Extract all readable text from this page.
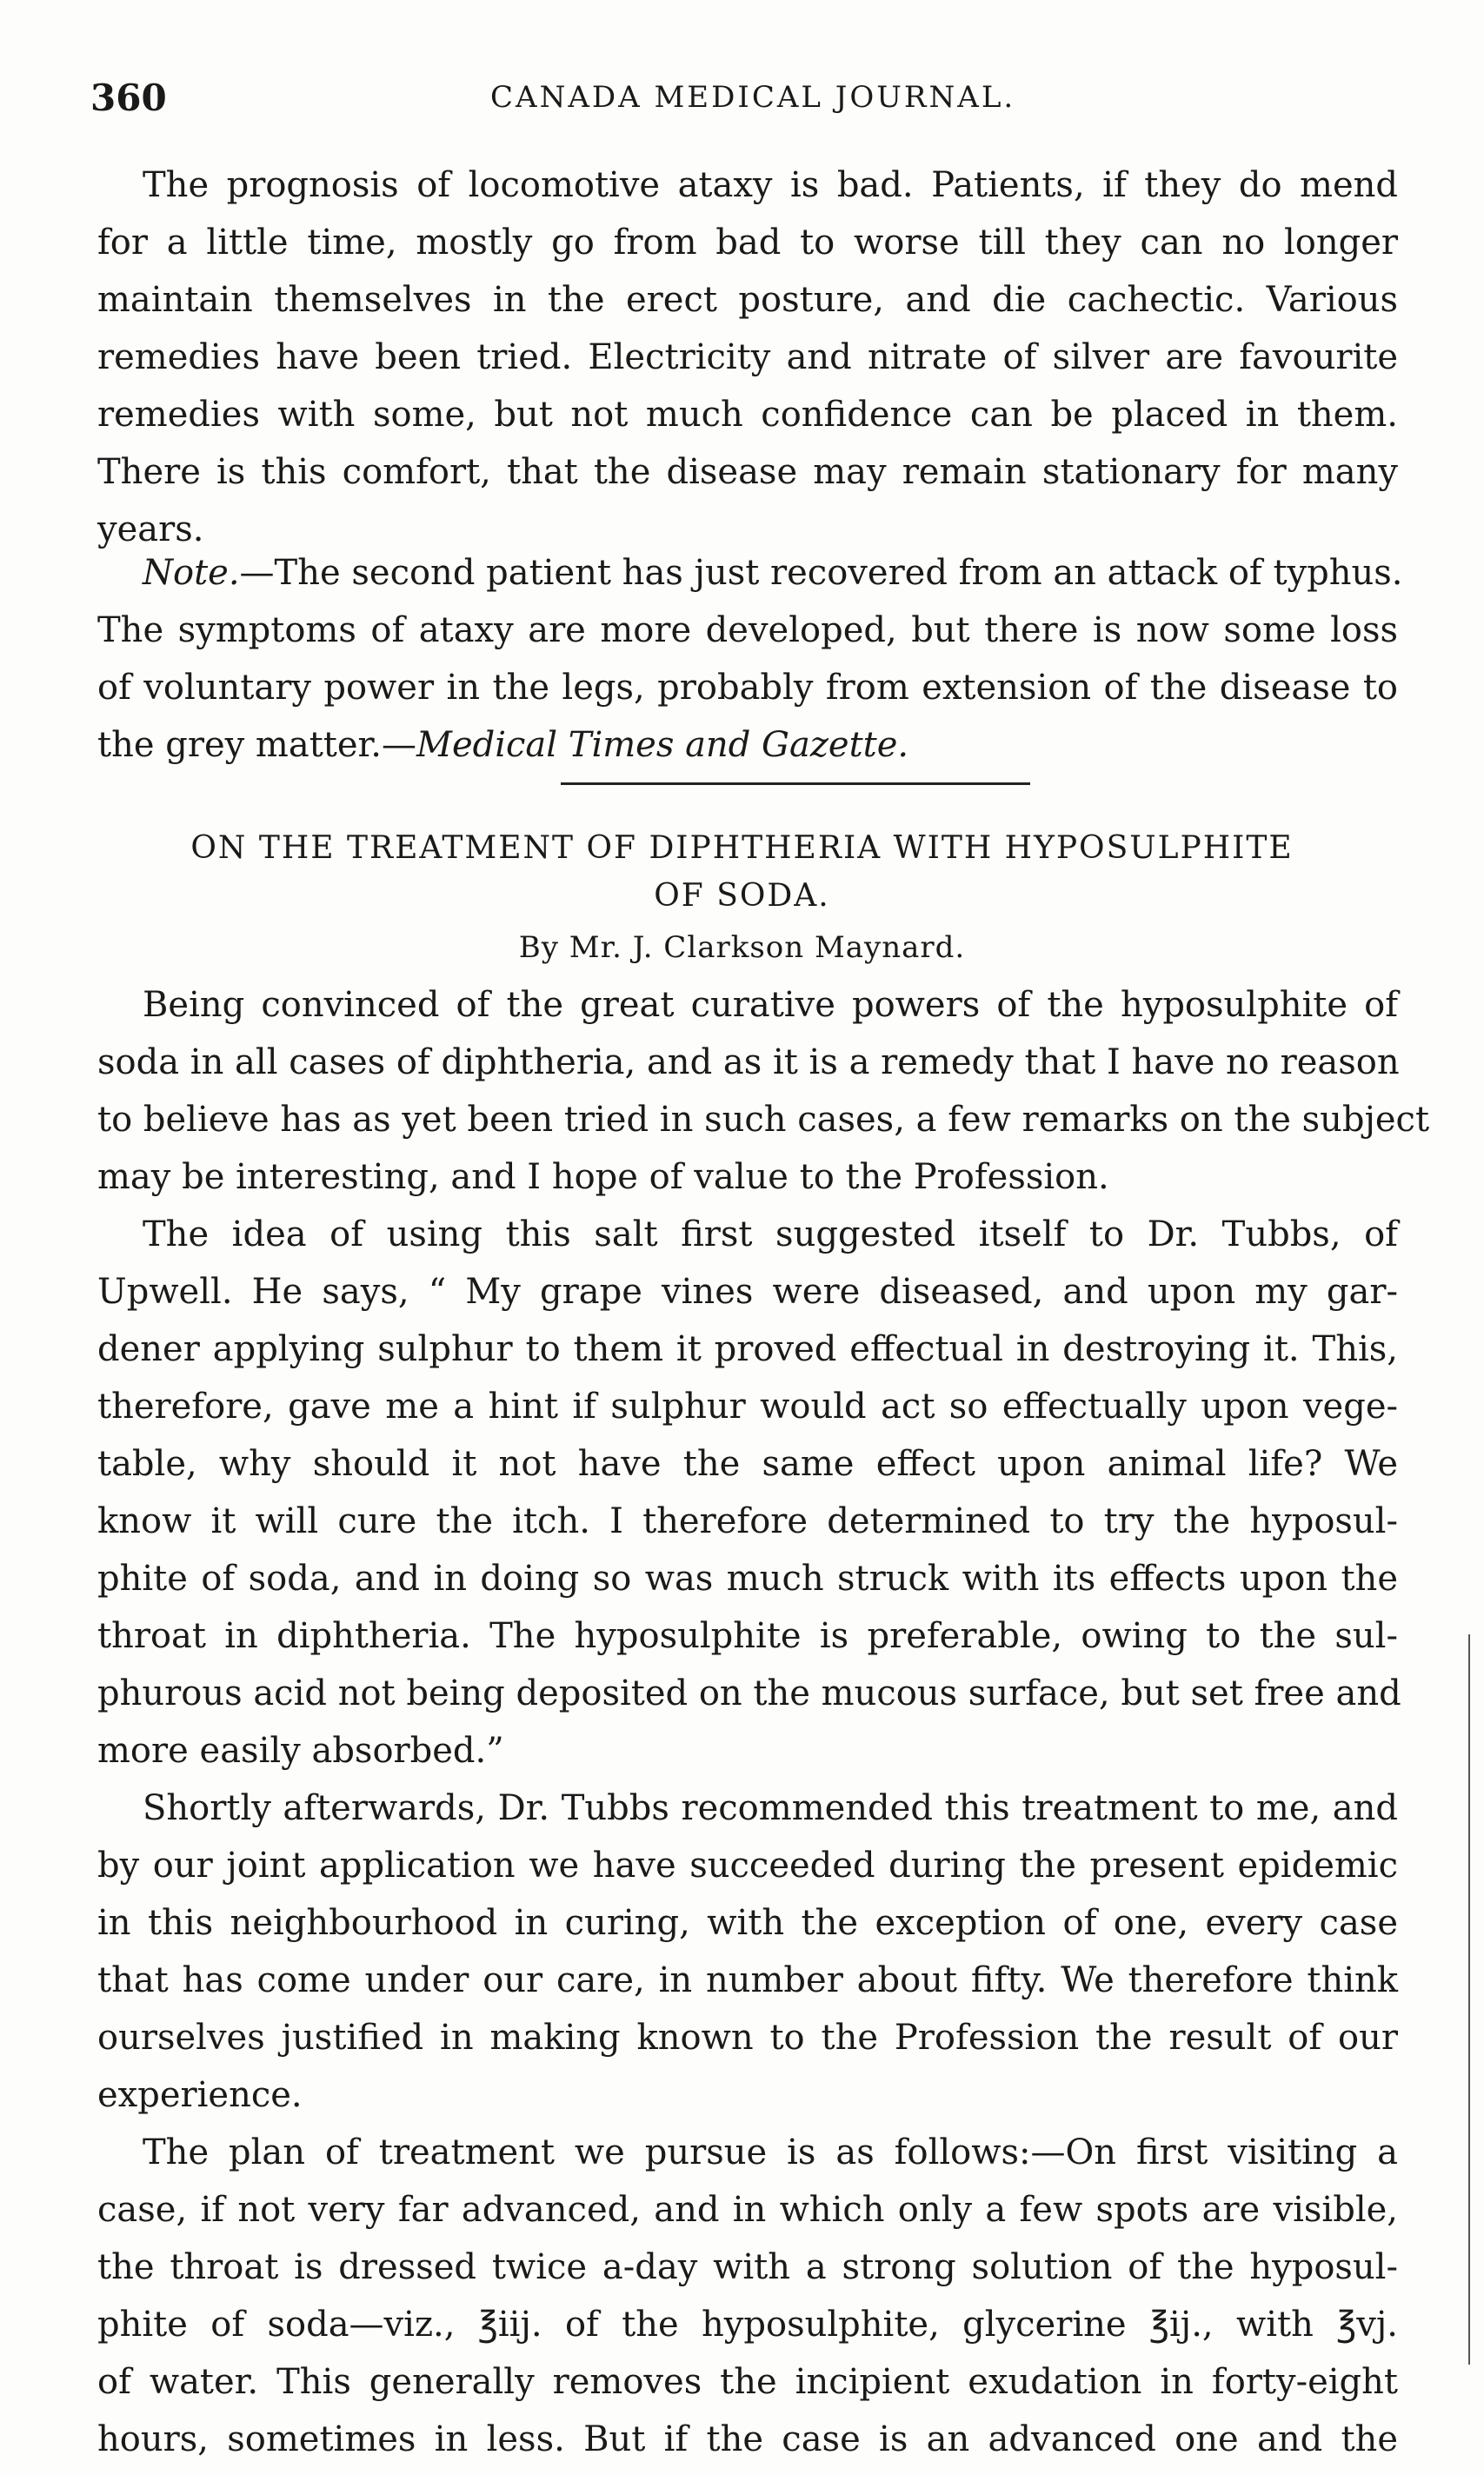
360	CANADA MEDICAL JOURNAL.
The prognosis of locomotive ataxy is bad. Patients, if they do mend
for a little time, mostly go from bad to worse till they can no longer
maintain themselves in the erect posture, and die cachectic. Various
remedies have been tried. Electricity and nitrate of silver are favourite
remedies with some, but not much confidence can be placed in them.
There is this comfort, that the disease may remain stationary for many
years.
Note.—The second patient has just recovered from an attack of typhus.
The symptoms of ataxy are more developed, but there is now some loss
of voluntary power in the legs, probably from extension of the disease to
the grey matter.—Medical Times and Gazette.
ON THE TREATMENT OF DIPHTHERIA WITH HYPOSULPHITE
OF SODA.
By Mr. J. Clarkson Maynard.
Being convinced of the great curative powers of the hyposulphite of
soda in all cases of diphtheria, and as it is a remedy that I have no reason
to believe has as yet been tried in such cases, a few remarks on the subject
may be interesting, and I hope of value to the Profession.
The idea of using this salt first suggested itself to Dr. Tubbs, of
Upwell. He says, “ My grape vines were diseased, and upon my gar-
dener applying sulphur to them it proved effectual in destroying it. This,
therefore, gave me a hint if sulphur would act so effectually upon vege-
table, why should it not have the same effect upon animal life? We
know it will cure the itch. I therefore determined to try the hyposul-
phite of soda, and in doing so was much struck with its effects upon the
throat in diphtheria. The hyposulphite is preferable, owing to the sul-
phurous acid not being deposited on the mucous surface, but set free and
more easily absorbed.”
Shortly afterwards, Dr. Tubbs recommended this treatment to me, and
by our joint application we have succeeded during the present epidemic
in this neighbourhood in curing, with the exception of one, every case
that has come under our care, in number about fifty. We therefore think
ourselves justified in making known to the Profession the result of our
experience.
The plan of treatment we pursue is as follows:—On first visiting a
case, if not very far advanced, and in which only a few spots are visible,
the throat is dressed twice a-day with a strong solution of the hyposul-
phite of soda—viz., ℥iij. of the hyposulphite, glycerine ℥ij., with ℥vj.
of water. This generally removes the incipient exudation in forty-eight
hours, sometimes in less. But if the case is an advanced one and the
